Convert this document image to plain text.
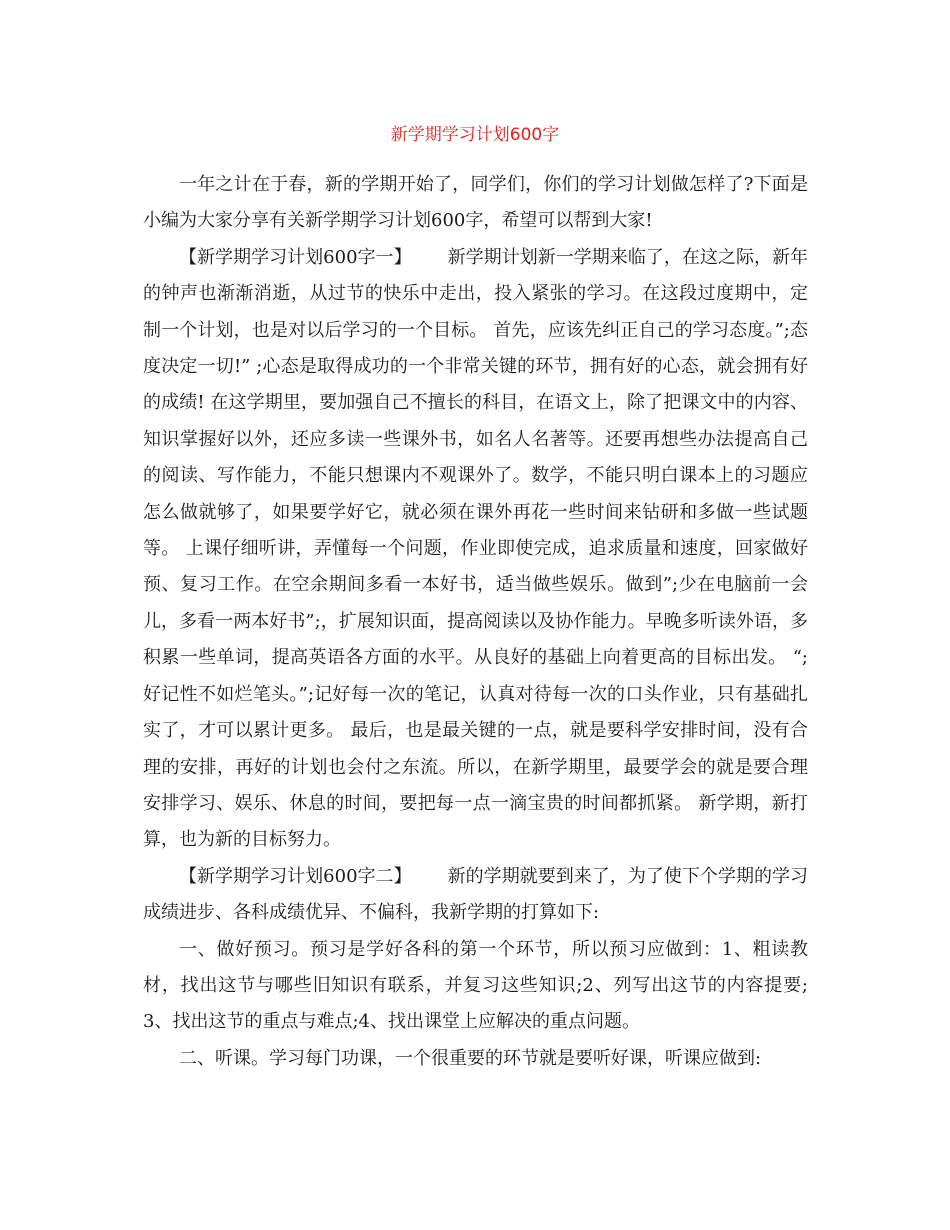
新学期学习计划600字

一年之计在于春，新的学期开始了，同学们，你们的学习计划做怎样了?下面是小编为大家分享有关新学期学习计划600字，希望可以帮到大家!

【新学期学习计划600字一】 新学期计划新一学期来临了，在这之际，新年的钟声也渐渐消逝，从过节的快乐中走出，投入紧张的学习。在这段过度期中，定制一个计划，也是对以后学习的一个目标。 首先，应该先纠正自己的学习态度。”;态度决定一切!” ;心态是取得成功的一个非常关键的环节，拥有好的心态，就会拥有好的成绩! 在这学期里，要加强自己不擅长的科目，在语文上，除了把课文中的内容、知识掌握好以外，还应多读一些课外书，如名人名著等。还要再想些办法提高自己的阅读、写作能力，不能只想课内不观课外了。数学，不能只明白课本上的习题应怎么做就够了，如果要学好它，就必须在课外再花一些时间来钻研和多做一些试题等。 上课仔细听讲，弄懂每一个问题，作业即使完成，追求质量和速度，回家做好预、复习工作。在空余期间多看一本好书，适当做些娱乐。做到”;少在电脑前一会儿，多看一两本好书”;，扩展知识面，提高阅读以及协作能力。早晚多听读外语，多积累一些单词，提高英语各方面的水平。从良好的基础上向着更高的目标出发。 “;好记性不如烂笔头。”;记好每一次的笔记，认真对待每一次的口头作业，只有基础扎实了，才可以累计更多。 最后，也是最关键的一点，就是要科学安排时间，没有合理的安排，再好的计划也会付之东流。所以，在新学期里，最要学会的就是要合理安排学习、娱乐、休息的时间，要把每一点一滴宝贵的时间都抓紧。 新学期，新打算，也为新的目标努力。

【新学期学习计划600字二】 新的学期就要到来了，为了使下个学期的学习成绩进步、各科成绩优异、不偏科，我新学期的打算如下:

一、做好预习。预习是学好各科的第一个环节，所以预习应做到：1、粗读教材，找出这节与哪些旧知识有联系，并复习这些知识;2、列写出这节的内容提要;3、找出这节的重点与难点;4、找出课堂上应解决的重点问题。

二、听课。学习每门功课，一个很重要的环节就是要听好课，听课应做到:
